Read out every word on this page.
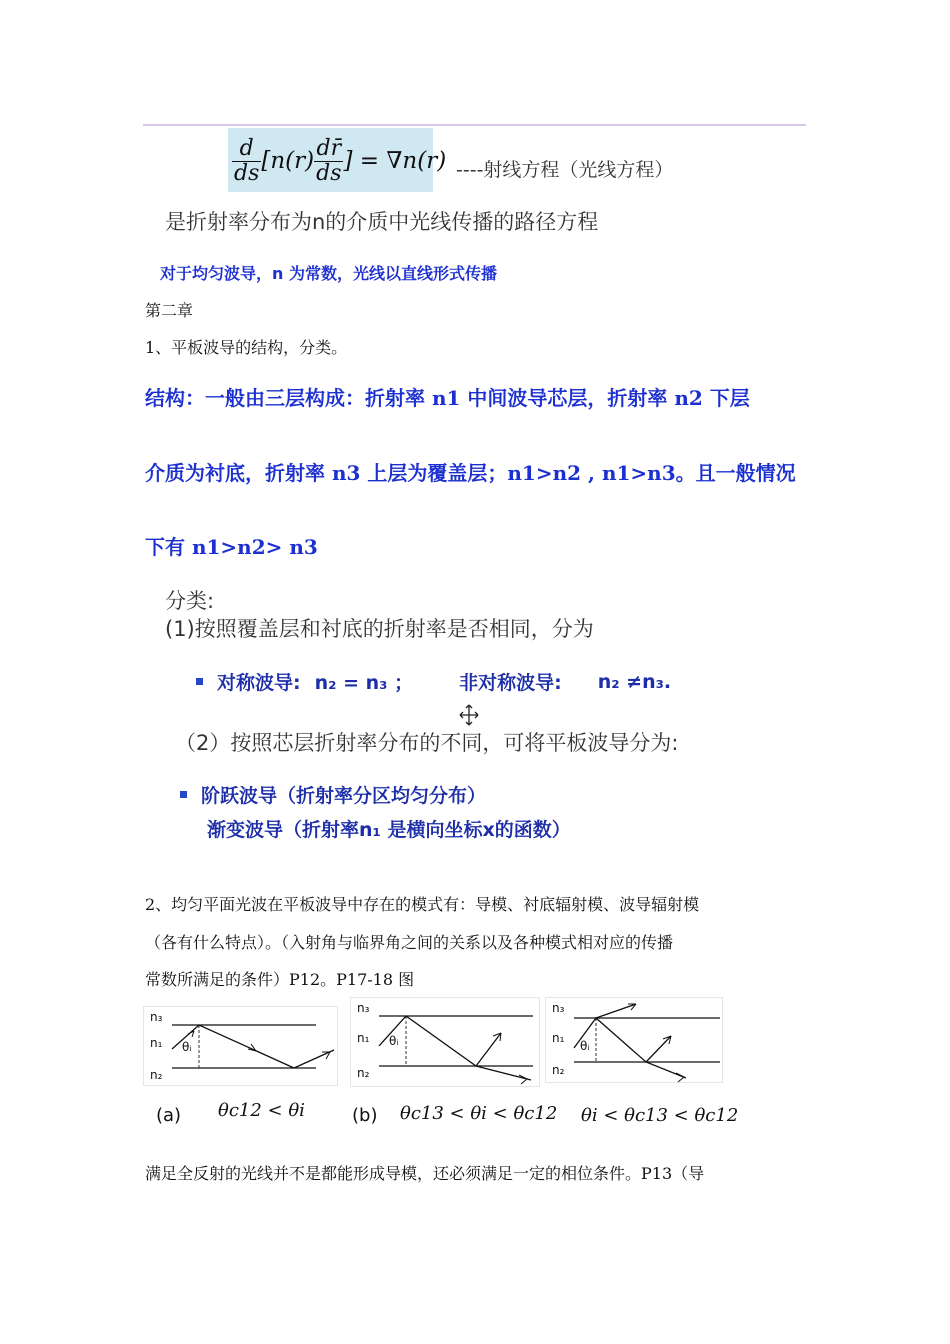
$\frac{d}{ds} [n(r) \frac{dr̄}{ds}$ ] = ∇n(r) ----射线方程（光线方程）
是折射率分布为n的介质中光线传播的路径方程
对于均匀波导，n 为常数，光线以直线形式传播
第二章
1、平板波导的结构，分类。
结构：一般由三层构成：折射率 n1 中间波导芯层，折射率 n2 下层
介质为衬底，折射率 n3 上层为覆盖层；n1>n2 , n1>n3。且一般情况
下有 n1>n2> n3
分类:
(1)按照覆盖层和衬底的折射率是否相同，分为
对称波导: n₂ = n₃ ； 非对称波导: n₂ ≠n₃.
（2）按照芯层折射率分布的不同，可将平板波导分为:
阶跃波导（折射率分区均匀分布）
渐变波导（折射率n₁ 是横向坐标x的函数）
2、均匀平面光波在平板波导中存在的模式有：导模、衬底辐射模、波导辐射模
（各有什么特点）。（入射角与临界角之间的关系以及各种模式相对应的传播
常数所满足的条件）P12。P17-18 图
n₃
n₁
n₂
θᵢ
n₃
n₁
n₂
θᵢ
n₃
n₁
n₂
θᵢ
(a) θc12 < θi	(b) θc13 < θi < θc12 θi < θc13 < θc12
满足全反射的光线并不是都能形成导模，还必须满足一定的相位条件。P13（导
